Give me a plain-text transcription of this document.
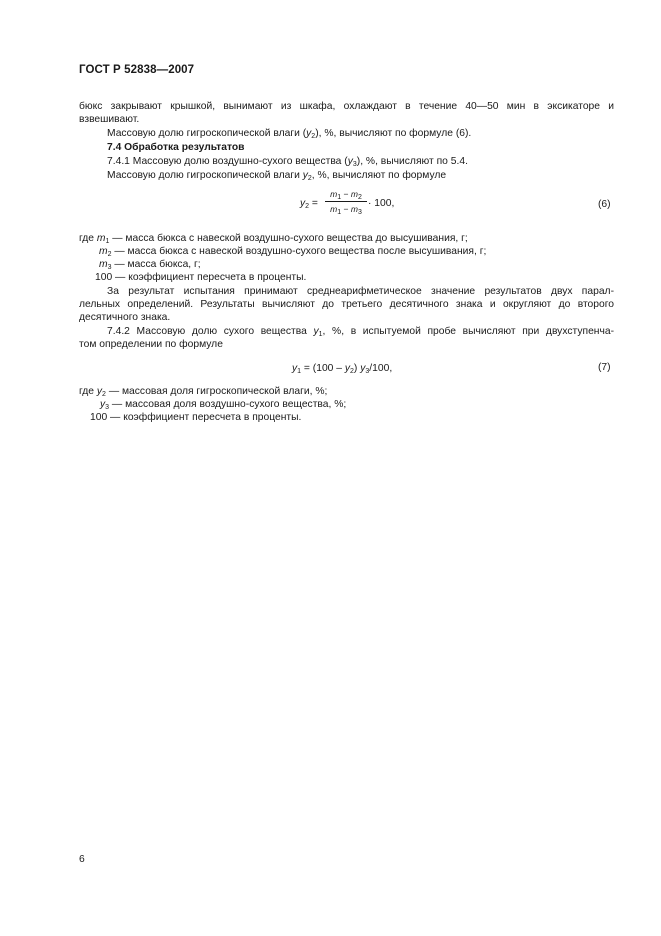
ГОСТ Р 52838—2007
бюкс закрывают крышкой, вынимают из шкафа, охлаждают в течение 40—50 мин в эксикаторе и
взвешивают.
Массовую долю гигроскопической влаги $(у_2)$, %, вычисляют по формуле (6).
7.4 Обработка результатов
7.4.1 Массовую долю воздушно-сухого вещества $(у_3)$, %, вычисляют по 5.4.
Массовую долю гигроскопической влаги $у_2$, %, вычисляют по формуле
$у_2$ =
$m_1 - m_2$
$m_1 - m_3$
· 100,	(6)
где $m_1$ — масса бюкса с навеской воздушно-сухого вещества до высушивания, г;
$m_2$ — масса бюкса с навеской воздушно-сухого вещества после высушивания, г;
$m_3$ — масса бюкса, г;
100 — коэффициент пересчета в проценты.
За результат испытания принимают среднеарифметическое значение результатов двух парал-
лельных определений. Результаты вычисляют до третьего десятичного знака и округляют до второго
десятичного знака.
7.4.2 Массовую долю сухого вещества $у_1$, %, в испытуемой пробе вычисляют при двухступенча-
том определении по формуле
$у_1 = (100 - у_2)$ $у_3/100$,	(7)
где $у_2$ — массовая доля гигроскопической влаги, %;
$у_3$ — массовая доля воздушно-сухого вещества, %;
100 — коэффициент пересчета в проценты.
6
